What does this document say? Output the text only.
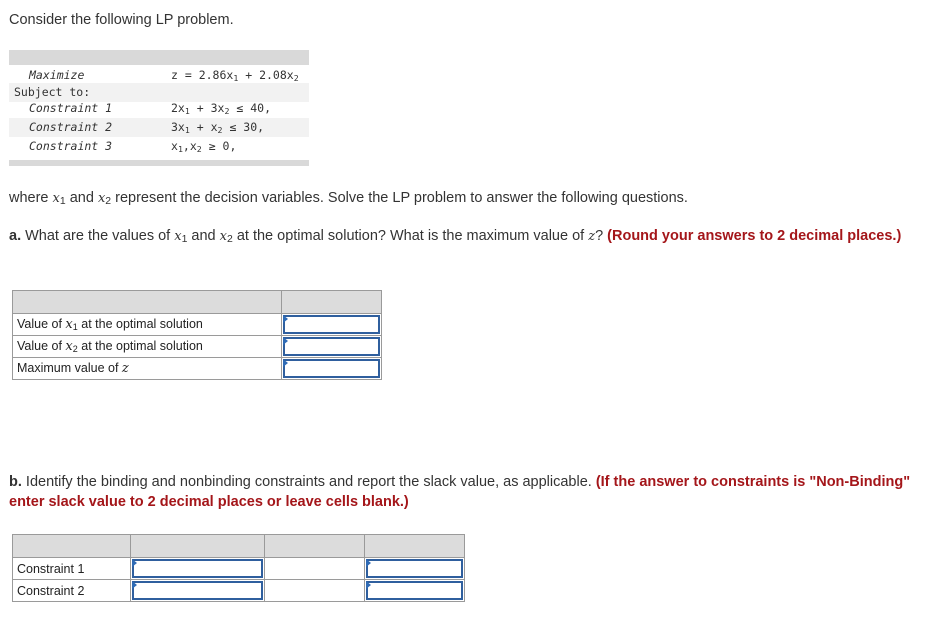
Consider the following LP problem.
Maximize	$z = 2.86x_1 + 2.08x_2$
Subject to:
Constraint 1	$2x_1 + 3x_2 \le 40$,
Constraint 2	$3x_1 + x_2 \le 30$,
Constraint 3	$x_1,x_2 \ge 0$,
where $x_1$ and $x_2$ represent the decision variables. Solve the LP problem to answer the following questions.
a. What are the values of $x_1$ and $x_2$ at the optimal solution? What is the maximum value of z? (Round your answers to 2 decimal places.)

Value of $x_1$ at the optimal solution	

Value of $x_2$ at the optimal solution	

Maximum value of z	
b. Identify the binding and nonbinding constraints and report the slack value, as applicable. (If the answer to constraints is "Non-Binding" enter slack value to 2 decimal places or leave cells blank.)

Constraint 1	

Constraint 2	
